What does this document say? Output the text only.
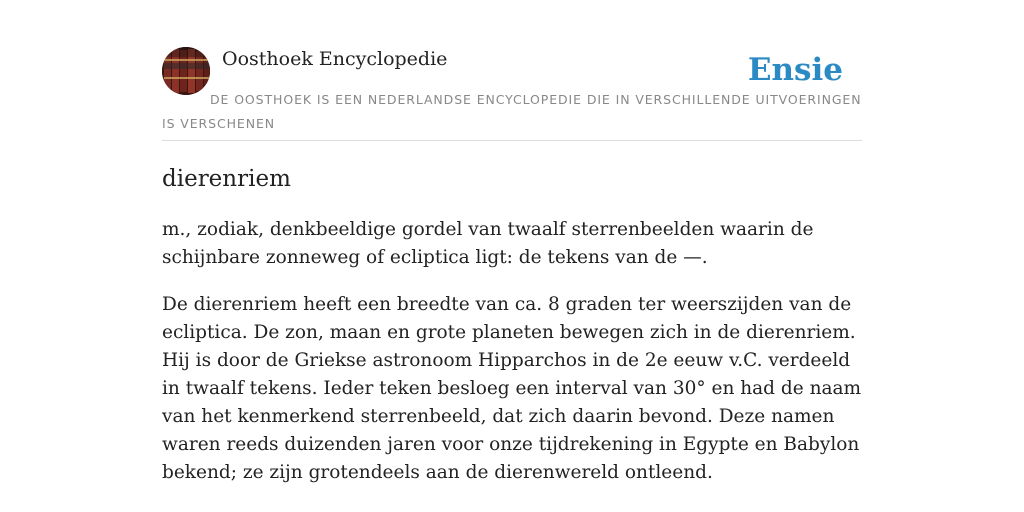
Oosthoek Encyclopedie	Ensie
DE OOSTHOEK IS EEN NEDERLANDSE ENCYCLOPEDIE DIE IN VERSCHILLENDE UITVOERINGEN IS VERSCHENEN
dierenriem

m., zodiak, denkbeeldige gordel van twaalf sterrenbeelden waarin de schijnbare zonneweg of ecliptica ligt: de tekens van de —.

De dierenriem heeft een breedte van ca. 8 graden ter weerszijden van de ecliptica. De zon, maan en grote planeten bewegen zich in de dierenriem. Hij is door de Griekse astronoom Hipparchos in de 2e eeuw v.C. verdeeld in twaalf tekens. Ieder teken besloeg een interval van 30° en had de naam van het kenmerkend sterrenbeeld, dat zich daarin bevond. Deze namen waren reeds duizenden jaren voor onze tijdrekening in Egypte en Babylon bekend; ze zijn grotendeels aan de dierenwereld ontleend.
